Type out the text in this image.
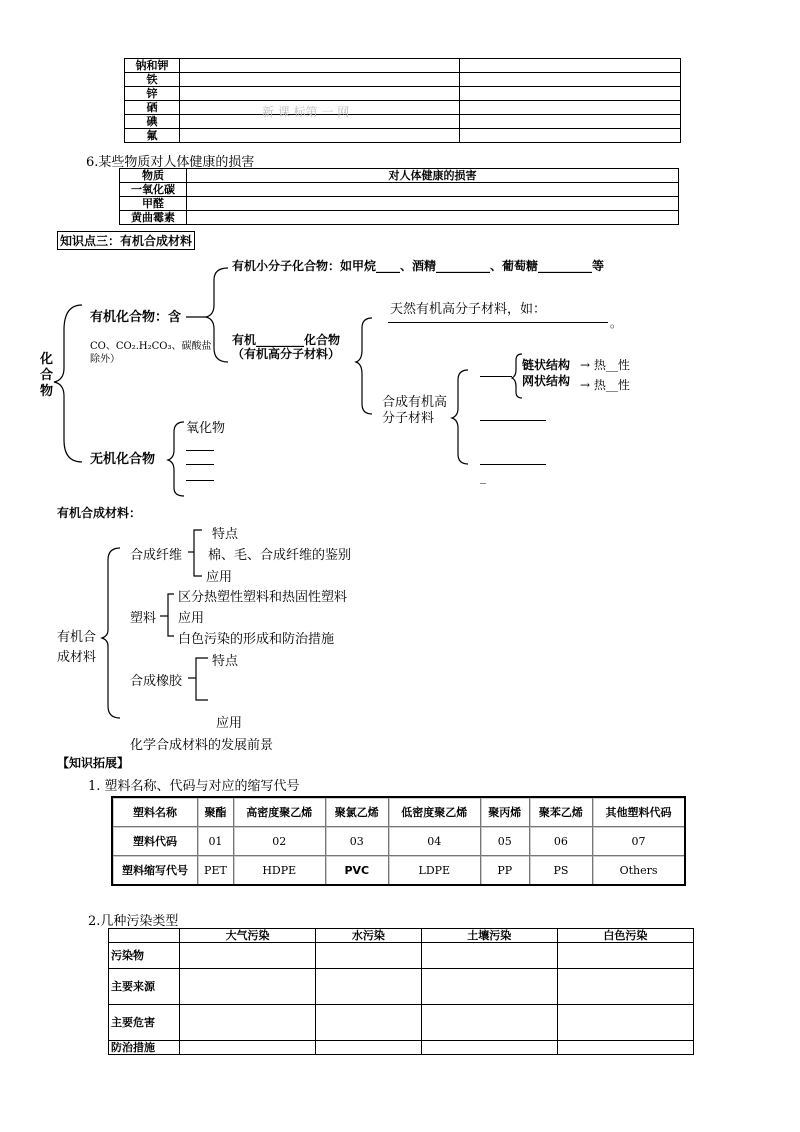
钠和钾		
铁		
锌		
硒		
碘		
氟		
新 课 标第 一 网
6.某些物质对人体健康的损害
物质	对人体健康的损害
一氧化碳	
甲醛	
黄曲霉素	
知识点三：有机合成材料
化合物
有机化合物：含
CO、CO₂.H₂CO₃、碳酸盐除外）
有机小分子化合物：如甲烷____、酒精_________、葡萄糖_________等
有机________化合物（有机高分子材料）
天然有机高分子材料，如：
。
合成有机高分子材料
链状结构
网状结构
→ 热__性
→ 热__性
_
无机化合物
氧化物
有机合成材料：
有机合成材料
合成纤维
特点
棉、毛、合成纤维的鉴别
应用
塑料
区分热塑性塑料和热固性塑料
应用
白色污染的形成和防治措施
合成橡胶
特点
应用
化学合成材料的发展前景
【知识拓展】
1. 塑料名称、代码与对应的缩写代号
塑料名称	聚酯	高密度聚乙烯	聚氯乙烯	低密度聚乙烯	聚丙烯	聚苯乙烯	其他塑料代码
塑料代码	01	02	03	04	05	06	07
塑料缩写代号	PET	HDPE	PVC	LDPE	PP	PS	Others
2.几种污染类型
	大气污染	水污染	土壤污染	白色污染
污染物				
主要来源				
主要危害				
防治措施				
